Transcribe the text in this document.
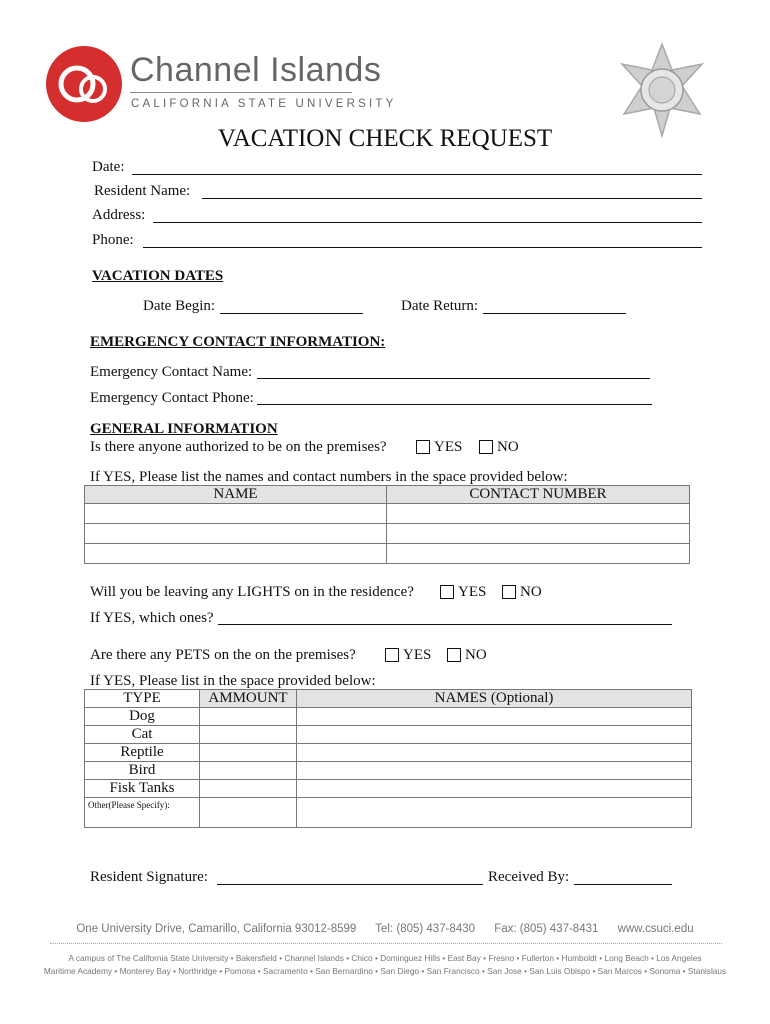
Channel Islands
CALIFORNIA STATE UNIVERSITY
VACATION CHECK REQUEST
Date:
Resident Name:
Address:
Phone:
VACATION DATES
Date Begin:	Date Return:
EMERGENCY CONTACT INFORMATION:
Emergency Contact Name:
Emergency Contact Phone:
GENERAL INFORMATION
Is there anyone authorized to be on the premises?	YES NO
If YES, Please list the names and contact numbers in the space provided below:
NAME	CONTACT NUMBER

Will you be leaving any LIGHTS on in the residence?	YES NO
If YES, which ones?
Are there any PETS on the on the premises?	YES NO
If YES, Please list in the space provided below:
TYPE	AMMOUNT	NAMES (Optional)
Dog		
Cat		
Reptile		
Bird		
Fisk Tanks		
Other(Please Specify):		
Resident Signature:	Received By:
One University Drive, Camarillo, California 93012-8599 Tel: (805) 437-8430 Fax: (805) 437-8431 www.csuci.edu
A campus of The California State University • Bakersfield • Channel Islands • Chico • Dominguez Hills • East Bay • Fresno • Fullerton • Humboldt • Long Beach • Los Angeles
Maritime Academy • Monterey Bay • Northridge • Pomona • Sacramento • San Bernardino • San Diego • San Francisco • San Jose • San Luis Obispo • San Marcos • Sonoma • Stanislaus
